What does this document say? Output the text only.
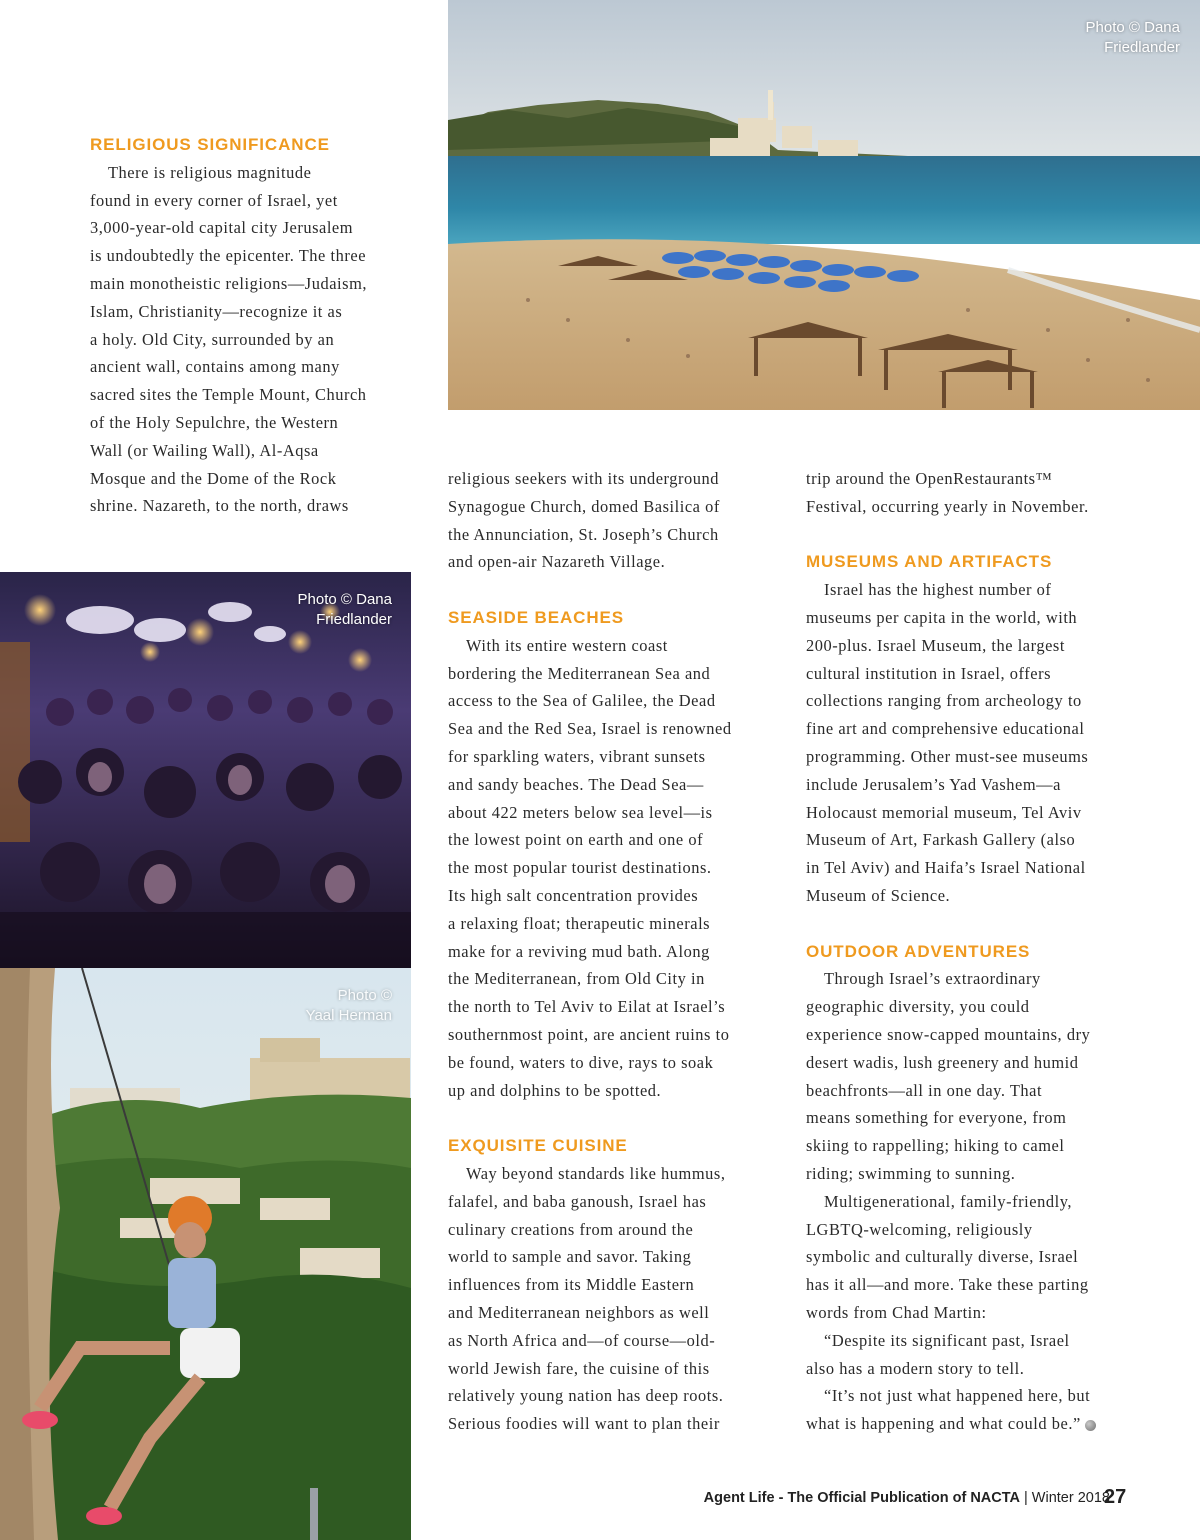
Photo © Dana
Friedlander
Photo © Dana
Friedlander
Photo ©
Yaal Herman
RELIGIOUS SIGNIFICANCE

There is religious magnitude

found in every corner of Israel, yet

3,000-year-old capital city Jerusalem

is undoubtedly the epicenter. The three

main monotheistic religions—Judaism,

Islam, Christianity—recognize it as

a holy. Old City, surrounded by an

ancient wall, contains among many

sacred sites the Temple Mount, Church

of the Holy Sepulchre, the Western

Wall (or Wailing Wall), Al-Aqsa

Mosque and the Dome of the Rock

shrine. Nazareth, to the north, draws

religious seekers with its underground

Synagogue Church, domed Basilica of

the Annunciation, St. Joseph’s Church

and open-air Nazareth Village.

SEASIDE BEACHES

With its entire western coast

bordering the Mediterranean Sea and

access to the Sea of Galilee, the Dead

Sea and the Red Sea, Israel is renowned

for sparkling waters, vibrant sunsets

and sandy beaches. The Dead Sea—

about 422 meters below sea level—is

the lowest point on earth and one of

the most popular tourist destinations.

Its high salt concentration provides

a relaxing float; therapeutic minerals

make for a reviving mud bath. Along

the Mediterranean, from Old City in

the north to Tel Aviv to Eilat at Israel’s

southernmost point, are ancient ruins to

be found, waters to dive, rays to soak

up and dolphins to be spotted.

EXQUISITE CUISINE

Way beyond standards like hummus,

falafel, and baba ganoush, Israel has

culinary creations from around the

world to sample and savor. Taking

influences from its Middle Eastern

and Mediterranean neighbors as well

as North Africa and—of course—old-

world Jewish fare, the cuisine of this

relatively young nation has deep roots.

Serious foodies will want to plan their

trip around the OpenRestaurants™

Festival, occurring yearly in November.

MUSEUMS AND ARTIFACTS

Israel has the highest number of

museums per capita in the world, with

200-plus. Israel Museum, the largest

cultural institution in Israel, offers

collections ranging from archeology to

fine art and comprehensive educational

programming. Other must-see museums

include Jerusalem’s Yad Vashem—a

Holocaust memorial museum, Tel Aviv

Museum of Art, Farkash Gallery (also

in Tel Aviv) and Haifa’s Israel National

Museum of Science.

OUTDOOR ADVENTURES

Through Israel’s extraordinary

geographic diversity, you could

experience snow-capped mountains, dry

desert wadis, lush greenery and humid

beachfronts—all in one day. That

means something for everyone, from

skiing to rappelling; hiking to camel

riding; swimming to sunning.

Multigenerational, family-friendly,

LGBTQ-welcoming, religiously

symbolic and culturally diverse, Israel

has it all—and more. Take these parting

words from Chad Martin:

“Despite its significant past, Israel

also has a modern story to tell.

“It’s not just what happened here, but

what is happening and what could be.”

Agent Life - The Official Publication of NACTA | Winter 2018
27
